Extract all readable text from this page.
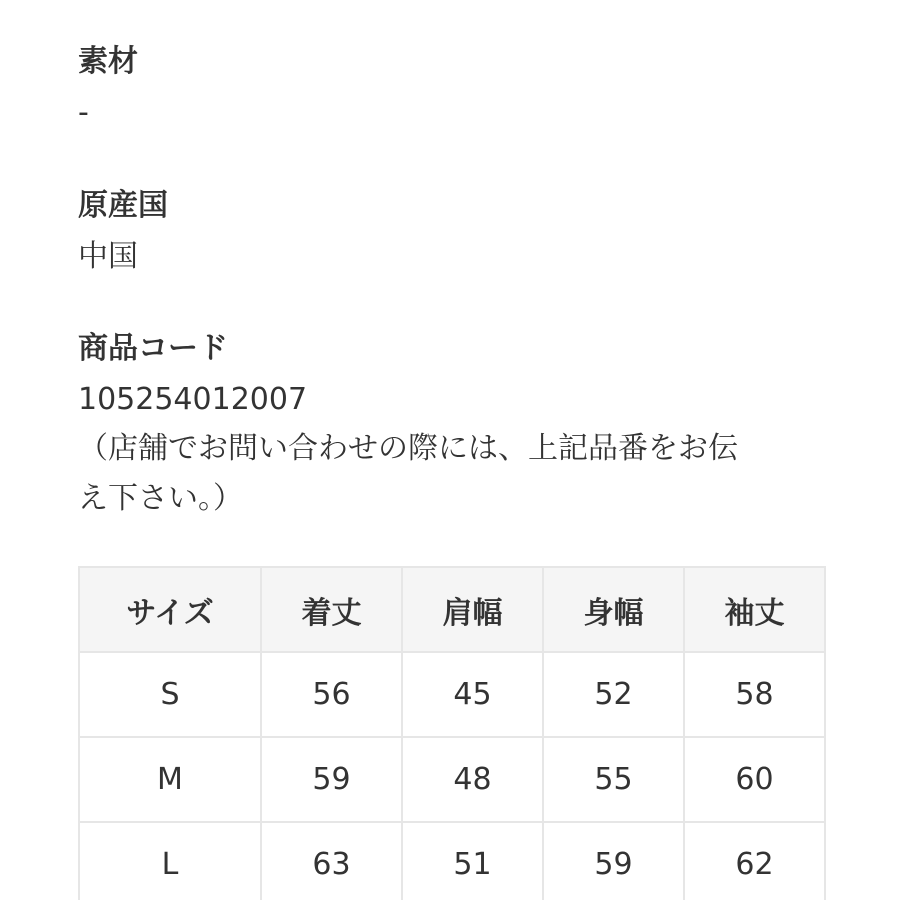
素材
-
原産国
中国
商品コード
105254012007
（店舗でお問い合わせの際には、上記品番をお伝
え下さい。）
サイズ	着丈	肩幅	身幅	袖丈
S	56	45	52	58
M	59	48	55	60
L	63	51	59	62
